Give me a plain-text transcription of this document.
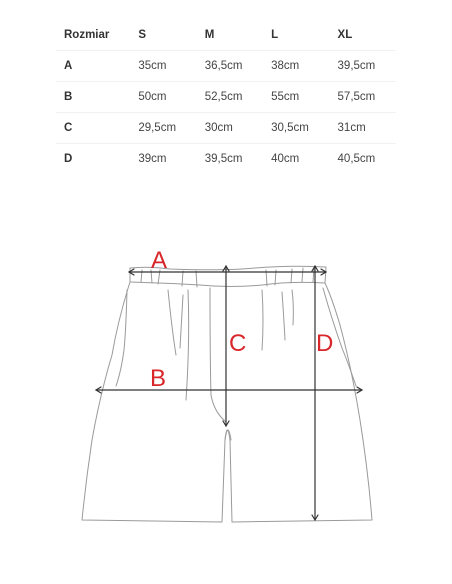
Rozmiar	S	M	L	XL
A	35cm	36,5cm	38cm	39,5cm
B	50cm	52,5cm	55cm	57,5cm
C	29,5cm	30cm	30,5cm	31cm
D	39cm	39,5cm	40cm	40,5cm
A
B
C	D
